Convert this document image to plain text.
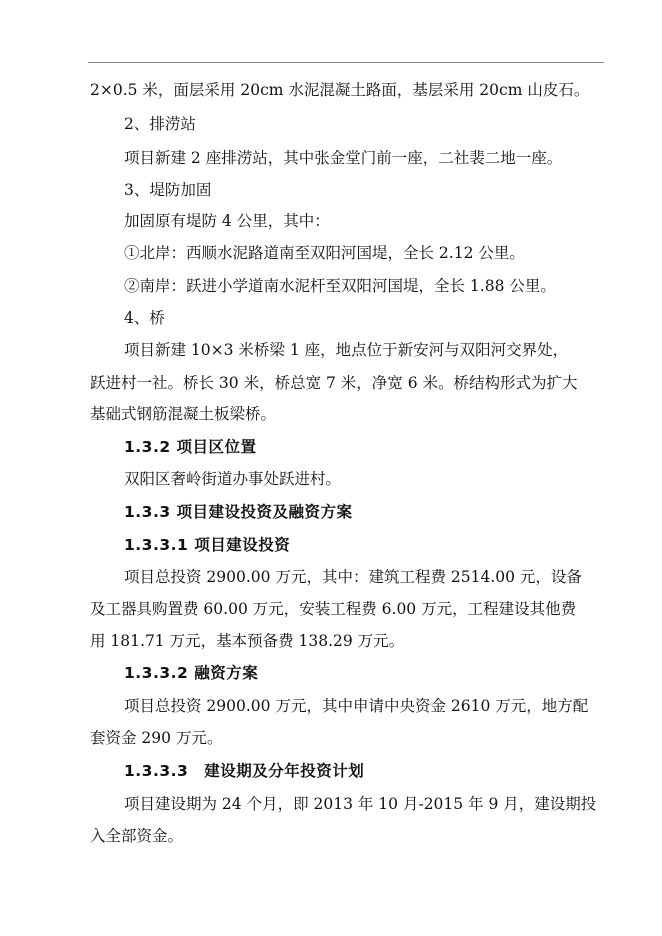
2×0.5 米，面层采用 20cm 水泥混凝土路面，基层采用 20cm 山皮石。
2、排涝站
项目新建 2 座排涝站，其中张金堂门前一座，二社裴二地一座。
3、堤防加固
加固原有堤防 4 公里，其中：
①北岸：西顺水泥路道南至双阳河国堤，全长 2.12 公里。
②南岸：跃进小学道南水泥杆至双阳河国堤，全长 1.88 公里。
4、桥
项目新建 10×3 米桥梁 1 座，地点位于新安河与双阳河交界处，
跃进村一社。桥长 30 米，桥总宽 7 米，净宽 6 米。桥结构形式为扩大
基础式钢筋混凝土板梁桥。
1.3.2 项目区位置
双阳区奢岭街道办事处跃进村。
1.3.3 项目建设投资及融资方案
1.3.3.1 项目建设投资
项目总投资 2900.00 万元，其中：建筑工程费 2514.00 元，设备
及工器具购置费 60.00 万元，安装工程费 6.00 万元，工程建设其他费
用 181.71 万元，基本预备费 138.29 万元。
1.3.3.2 融资方案
项目总投资 2900.00 万元，其中申请中央资金 2610 万元，地方配
套资金 290 万元。
1.3.3.3　建设期及分年投资计划
项目建设期为 24 个月，即 2013 年 10 月-2015 年 9 月，建设期投
入全部资金。
